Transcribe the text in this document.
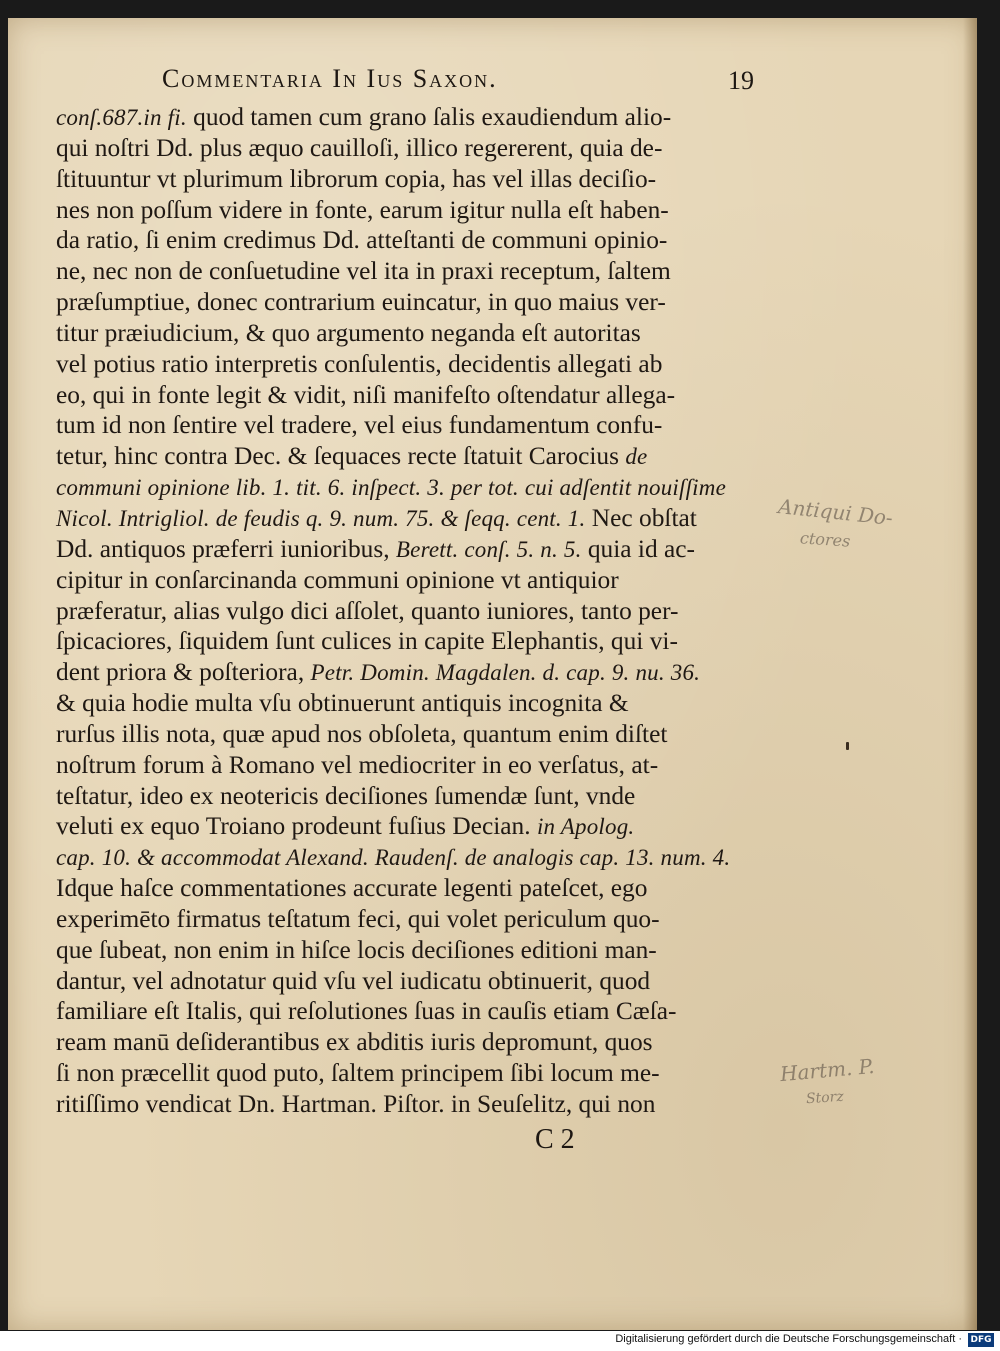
Commentaria In Ius Saxon.	19
conſ.687.in fi. quod tamen cum grano ſalis exaudiendum alio-
qui noſtri Dd. plus æquo cauilloſi, illico regererent, quia de-
ſtituuntur vt plurimum librorum copia, has vel illas deciſio-
nes non poſſum videre in fonte, earum igitur nulla eſt haben-
da ratio, ſi enim credimus Dd. atteſtanti de communi opinio-
ne, nec non de conſuetudine vel ita in praxi receptum, ſaltem
præſumptiue, donec contrarium euincatur, in quo maius ver-
titur præiudicium, & quo argumento neganda eſt autoritas
vel potius ratio interpretis conſulentis, decidentis allegati ab
eo, qui in fonte legit & vidit, niſi manifeſto oſtendatur allega-
tum id non ſentire vel tradere, vel eius fundamentum confu-
tetur, hinc contra Dec. & ſequaces recte ſtatuit Carocius de
communi opinione lib. 1. tit. 6. inſpect. 3. per tot. cui adſentit nouiſſime
Nicol. Intrigliol. de feudis q. 9. num. 75. & ſeqq. cent. 1. Nec obſtat
Dd. antiquos præferri iunioribus, Berett. conſ. 5. n. 5. quia id ac-
cipitur in conſarcinanda communi opinione vt antiquior
præferatur, alias vulgo dici aſſolet, quanto iuniores, tanto per-
ſpicaciores, ſiquidem ſunt culices in capite Elephantis, qui vi-
dent priora & poſteriora, Petr. Domin. Magdalen. d. cap. 9. nu. 36.
& quia hodie multa vſu obtinuerunt antiquis incognita &
rurſus illis nota, quæ apud nos obſoleta, quantum enim diſtet
noſtrum forum à Romano vel mediocriter in eo verſatus, at-
teſtatur, ideo ex neotericis deciſiones ſumendæ ſunt, vnde
veluti ex equo Troiano prodeunt fuſius Decian. in Apolog.
cap. 10. & accommodat Alexand. Raudenſ. de analogis cap. 13. num. 4.
Idque haſce commentationes accurate legenti pateſcet, ego
experimēto firmatus teſtatum feci, qui volet periculum quo-
que ſubeat, non enim in hiſce locis deciſiones editioni man-
dantur, vel adnotatur quid vſu vel iudicatu obtinuerit, quod
familiare eſt Italis, qui reſolutiones ſuas in cauſis etiam Cæſa-
ream manū deſiderantibus ex abditis iuris depromunt, quos
ſi non præcellit quod puto, ſaltem principem ſibi locum me-
ritiſſimo vendicat Dn. Hartman. Piſtor. in Seuſelitz, qui non
C 2
Antiqui Do-
ctores
Hartm. P.
Storz
Digitalisierung gefördert durch die Deutsche Forschungsgemeinschaft · DFG
